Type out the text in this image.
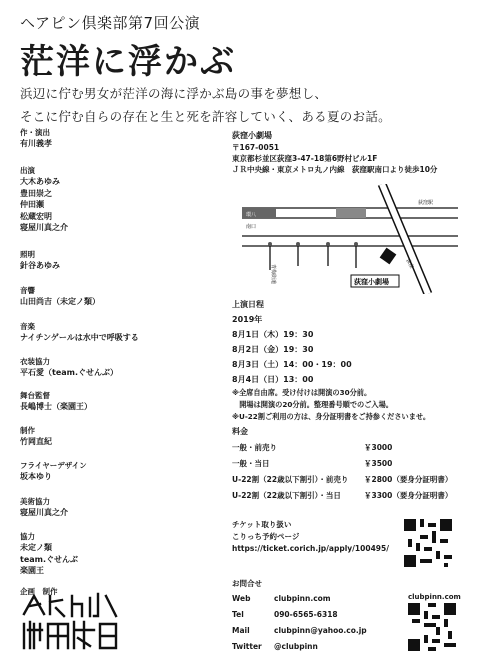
ヘアピン倶楽部第7回公演
茫洋に浮かぶ
浜辺に佇む男女が茫洋の海に浮かぶ島の事を夢想し、
そこに佇む自らの存在と生と死を許容していく、ある夏のお話。
作・演出
有川義孝
出演
大木あゆみ
豊田崇之
仲田瀬
松蔵宏明
寝屋川真之介
照明
針谷あゆみ
音響
山田尚吉（未定ノ類）
音楽
ナイチンゲールは水中で呼吸する
衣装協力
平石愛（team.ぐせんぶ）
舞台監督
長嶋博士（楽園王）
制作
竹岡直紀
フライヤーデザイン
坂本ゆり
美術協力
寝屋川真之介
協力
未定ノ類
team.ぐせんぶ
楽園王
企画　制作
荻窪小劇場
〒167-0051
東京都杉並区荻窪3-47-18第6野村ビル1F
ＪＲ中央線・東京メトロ丸ノ内線　荻窪駅南口より徒歩10分
南口
青梅街道
荻窪駅
環八
荻窪
荻窪小劇場
上演日程
2019年
8月1日（木）19：30
8月2日（金）19：30
8月3日（土）14：00・19：00
8月4日（日）13：00
※全席自由席。受け付けは開演の30分前。
　開場は開演の20分前。整理番号順でのご入場。
※U-22割ご利用の方は、身分証明書をご持参くださいませ。
料金
一般・前売り	￥3000
一般・当日	￥3500
U-22割（22歳以下割引）・前売り ￥2800（要身分証明書）
U-22割（22歳以下割引）・当日	￥3300（要身分証明書）
チケット取り扱い
こりっち予約ページ
https://ticket.corich.jp/apply/100495/
お問合せ
Web	clubpinn.com
Tel	090-6565-6318
Mail	clubpinn@yahoo.co.jp
Twitter	@clubpinn
clubpinn.com
